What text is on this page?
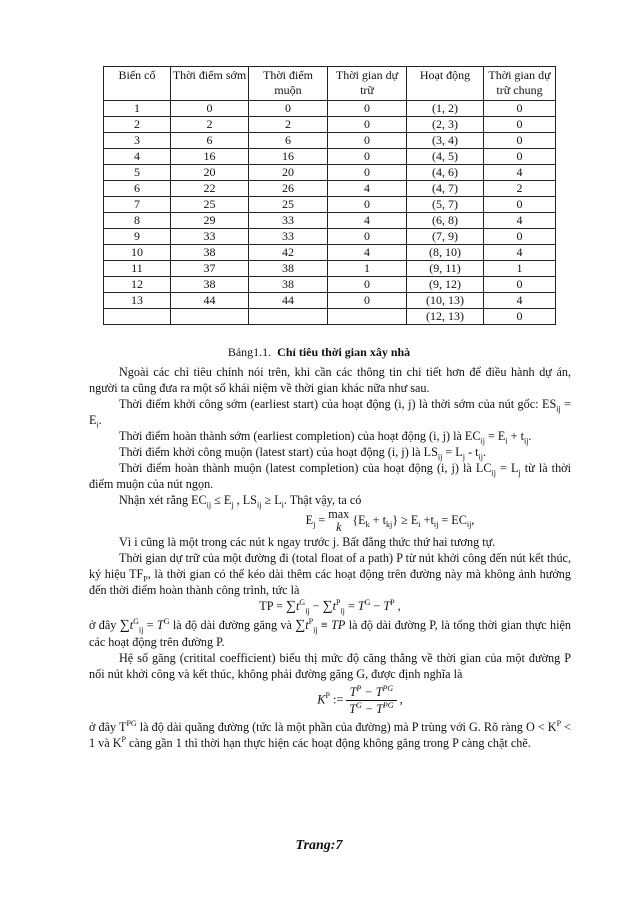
Biến cố	Thời điểm sớm	Thời điểm muộn	Thời gian dự trữ	Hoạt động	Thời gian dự trữ chung
1	0	0	0	(1, 2)	0
2	2	2	0	(2, 3)	0
3	6	6	0	(3, 4)	0
4	16	16	0	(4, 5)	0
5	20	20	0	(4, 6)	4
6	22	26	4	(4, 7)	2
7	25	25	0	(5, 7)	0
8	29	33	4	(6, 8)	4
9	33	33	0	(7, 9)	0
10	38	42	4	(8, 10)	4
11	37	38	1	(9, 11)	1
12	38	38	0	(9, 12)	0
13	44	44	0	(10, 13)	4
				(12, 13)	0
Bảng1.1. Chỉ tiêu thời gian xây nhà

Ngoài các chỉ tiêu chính nói trên, khi cần các thông tin chi tiết hơn để điều hành dự án, người ta cũng đưa ra một số khái niệm về thời gian khác nữa như sau.

Thời điểm khởi công sớm (earliest start) của hoạt động (i, j) là thời sớm của nút gốc: $ES_{ij} = E_i$.

Thời điểm hoàn thành sớm (earliest completion) của hoạt động (i, j) là $EC_{ij} = E_i + t_{ij}$.

Thời điểm khởi công muộn (latest start) của hoạt động (i, j) là $LS_{ij} = L_j - t_{ij}$.

Thời điểm hoàn thành muộn (latest completion) của hoạt động (i, j) là $LC_{ij} = L_j$ từ là thời điểm muộn của nút ngọn.

Nhận xét rằng $EC_{ij} \le E_j$ , $LS_{ij} \ge L_i$. Thật vậy, ta có

$E_j = \max$
k $\{E_k + t_{kj}\} \ge E_i +t_{ij} = EC_{ij}$,

Vì i cũng là một trong các nút k ngay trước j. Bất đẳng thức thứ hai tương tự.

Thời gian dự trữ của một đường đi (total float of a path) P từ nút khởi công đến nút kết thúc, ký hiệu $TF_P$, là thời gian có thể kéo dài thêm các hoạt động trên đường này mà không ảnh hưởng đến thời điểm hoàn thành công trình, tức là

TP = $\sum t^G_{ij} - \sum t^P_{ij} = T^G - T^P$ ,

ở đây $\sum t^G_{ij} = T^G$ là độ dài đường găng và $\sum t^P_{ij}$ ≡ TP là độ dài đường P, là tổng thời gian thực hiện các hoạt động trên đường P.

Hệ số găng (critital coefficient) biểu thị mức độ căng thẳng về thời gian của một đường P nối nút khởi công và kết thúc, không phải đường găng G, được định nghĩa là

$K^P$ := $\frac{T^P - T^{PG}}{T^G - T^{PG}}$ ,

ở đây $T^{PG}$ là độ dài quãng đường (tức là một phần của đường) mà P trùng với G. Rõ ràng $O < K^P < 1$ và $K^P$ càng gần 1 thì thời hạn thực hiện các hoạt động không găng trong P càng chặt chẽ.

Trang:7
